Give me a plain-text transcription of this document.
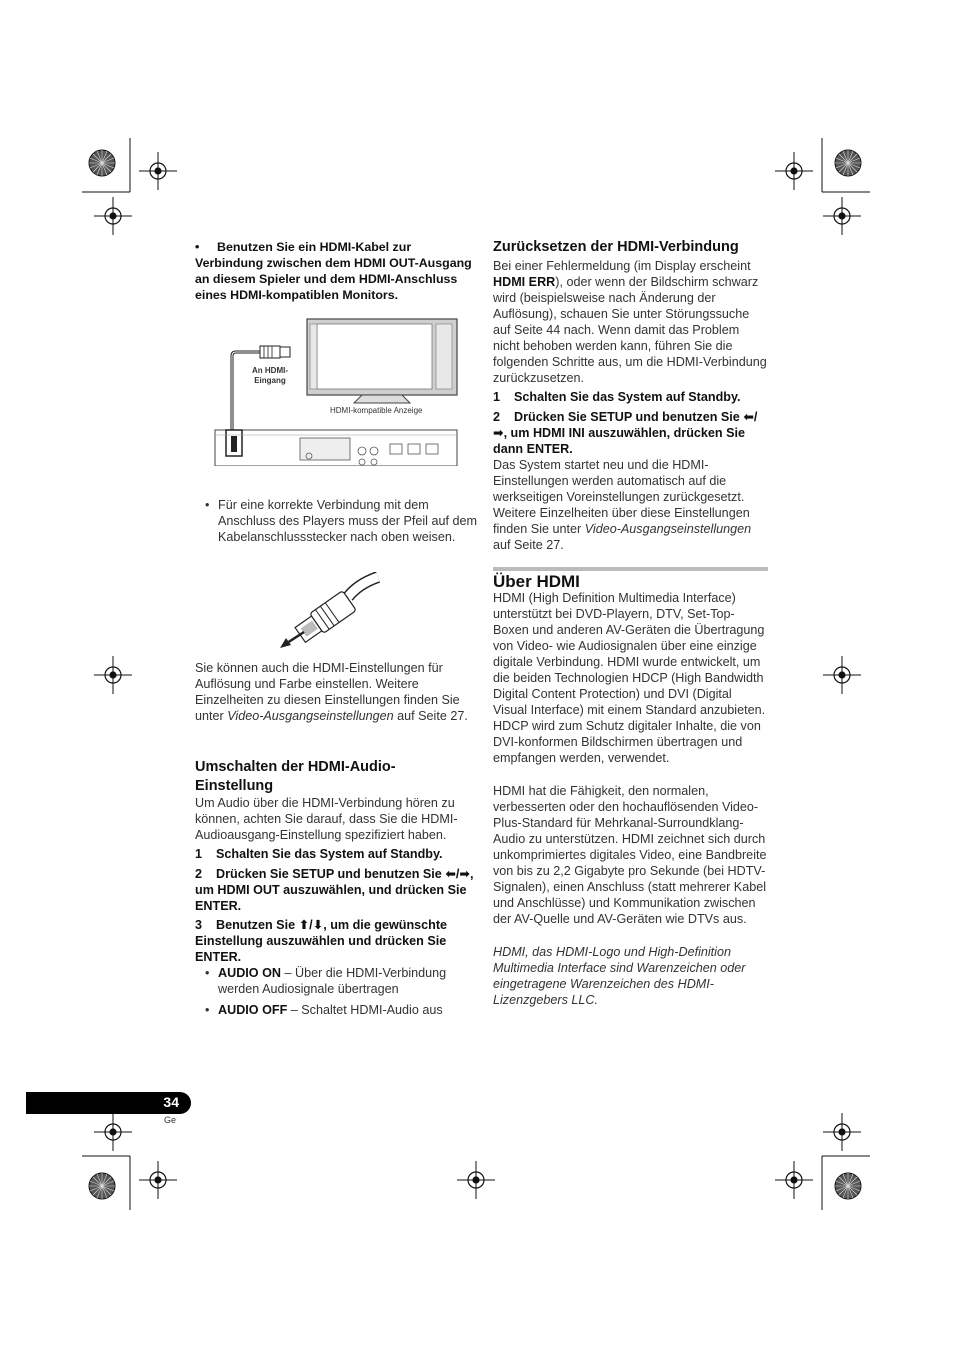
• Benutzen Sie ein HDMI-Kabel zur Verbindung zwischen dem HDMI OUT-Ausgang an diesem Spieler und dem HDMI-Anschluss eines HDMI-kompatiblen Monitors.
An HDMI-
Eingang
HDMI-kompatible Anzeige
• Für eine korrekte Verbindung mit dem Anschluss des Players muss der Pfeil auf dem Kabelanschlussstecker nach oben weisen.
Sie können auch die HDMI-Einstellungen für Auflösung und Farbe einstellen. Weitere Einzelheiten zu diesen Einstellungen finden Sie unter Video-Ausgangseinstellungen auf Seite 27.
Umschalten der HDMI-Audio-Einstellung
Um Audio über die HDMI-Verbindung hören zu können, achten Sie darauf, dass Sie die HDMI-Audioausgang-Einstellung spezifiziert haben.
1    Schalten Sie das System auf Standby.
2    Drücken Sie SETUP und benutzen Sie ⬅/➡, um HDMI OUT auszuwählen, und drücken Sie ENTER.
3    Benutzen Sie ⬆/⬇, um die gewünschte Einstellung auszuwählen und drücken Sie ENTER.
• AUDIO ON – Über die HDMI-Verbindung werden Audiosignale übertragen
• AUDIO OFF – Schaltet HDMI-Audio aus
Zurücksetzen der HDMI-Verbindung
Bei einer Fehlermeldung (im Display erscheint HDMI ERR), oder wenn der Bildschirm schwarz wird (beispielsweise nach Änderung der Auflösung), schauen Sie unter Störungssuche auf Seite 44 nach. Wenn damit das Problem nicht behoben werden kann, führen Sie die folgenden Schritte aus, um die HDMI-Verbindung zurückzusetzen.
1    Schalten Sie das System auf Standby.
2    Drücken Sie SETUP und benutzen Sie ⬅/➡, um HDMI INI auszuwählen, drücken Sie dann ENTER.
Das System startet neu und die HDMI-Einstellungen werden automatisch auf die werkseitigen Voreinstellungen zurückgesetzt. Weitere Einzelheiten über diese Einstellungen finden Sie unter Video-Ausgangseinstellungen auf Seite 27.
Über HDMI
HDMI (High Definition Multimedia Interface) unterstützt bei DVD-Playern, DTV, Set-Top-Boxen und anderen AV-Geräten die Übertragung von Video- wie Audiosignalen über eine einzige digitale Verbindung. HDMI wurde entwickelt, um die beiden Technologien HDCP (High Bandwidth Digital Content Protection) und DVI (Digital Visual Interface) mit einem Standard anzubieten. HDCP wird zum Schutz digitaler Inhalte, die von DVI-konformen Bildschirmen übertragen und empfangen werden, verwendet.
HDMI hat die Fähigkeit, den normalen, verbesserten oder den hochauflösenden Video-Plus-Standard für Mehrkanal-Surroundklang-Audio zu unterstützen. HDMI zeichnet sich durch unkomprimiertes digitales Video, eine Bandbreite von bis zu 2,2 Gigabyte pro Sekunde (bei HDTV-Signalen), einen Anschluss (statt mehrerer Kabel und Anschlüsse) und Kommunikation zwischen der AV-Quelle und AV-Geräten wie DTVs aus.
HDMI, das HDMI-Logo und High-Definition Multimedia Interface sind Warenzeichen oder eingetragene Warenzeichen des HDMI-Lizenzgebers LLC.
34
Ge
